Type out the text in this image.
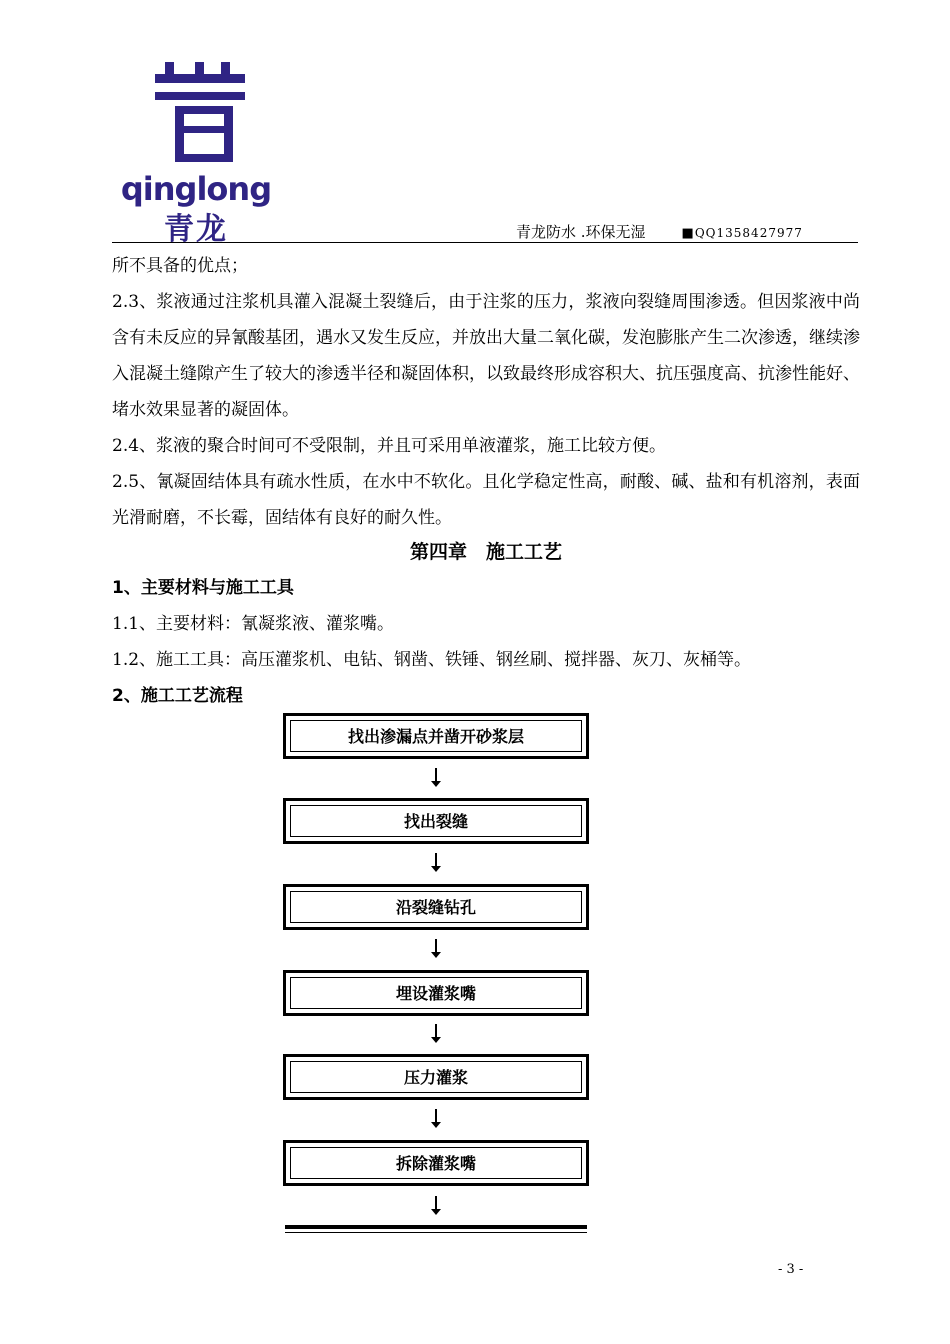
qinglong
青龙	青龙防水 .环保无湿	■QQ1358427977

所不具备的优点；

2.3、浆液通过注浆机具灌入混凝土裂缝后，由于注浆的压力，浆液向裂缝周围渗透。但因浆液中尚含有未反应的异氰酸基团，遇水又发生反应，并放出大量二氧化碳，发泡膨胀产生二次渗透，继续渗入混凝土缝隙产生了较大的渗透半径和凝固体积，以致最终形成容积大、抗压强度高、抗渗性能好、堵水效果显著的凝固体。

2.4、浆液的聚合时间可不受限制，并且可采用单液灌浆，施工比较方便。

2.5、氰凝固结体具有疏水性质，在水中不软化。且化学稳定性高，耐酸、碱、盐和有机溶剂，表面光滑耐磨，不长霉，固结体有良好的耐久性。

第四章　施工工艺

1、主要材料与施工工具

1.1、主要材料：氰凝浆液、灌浆嘴。

1.2、施工工具：高压灌浆机、电钻、钢凿、铁锤、钢丝刷、搅拌器、灰刀、灰桶等。

2、施工工艺流程

找出渗漏点并凿开砂浆层
找出裂缝
沿裂缝钻孔
埋设灌浆嘴
压力灌浆
拆除灌浆嘴
- 3 -
